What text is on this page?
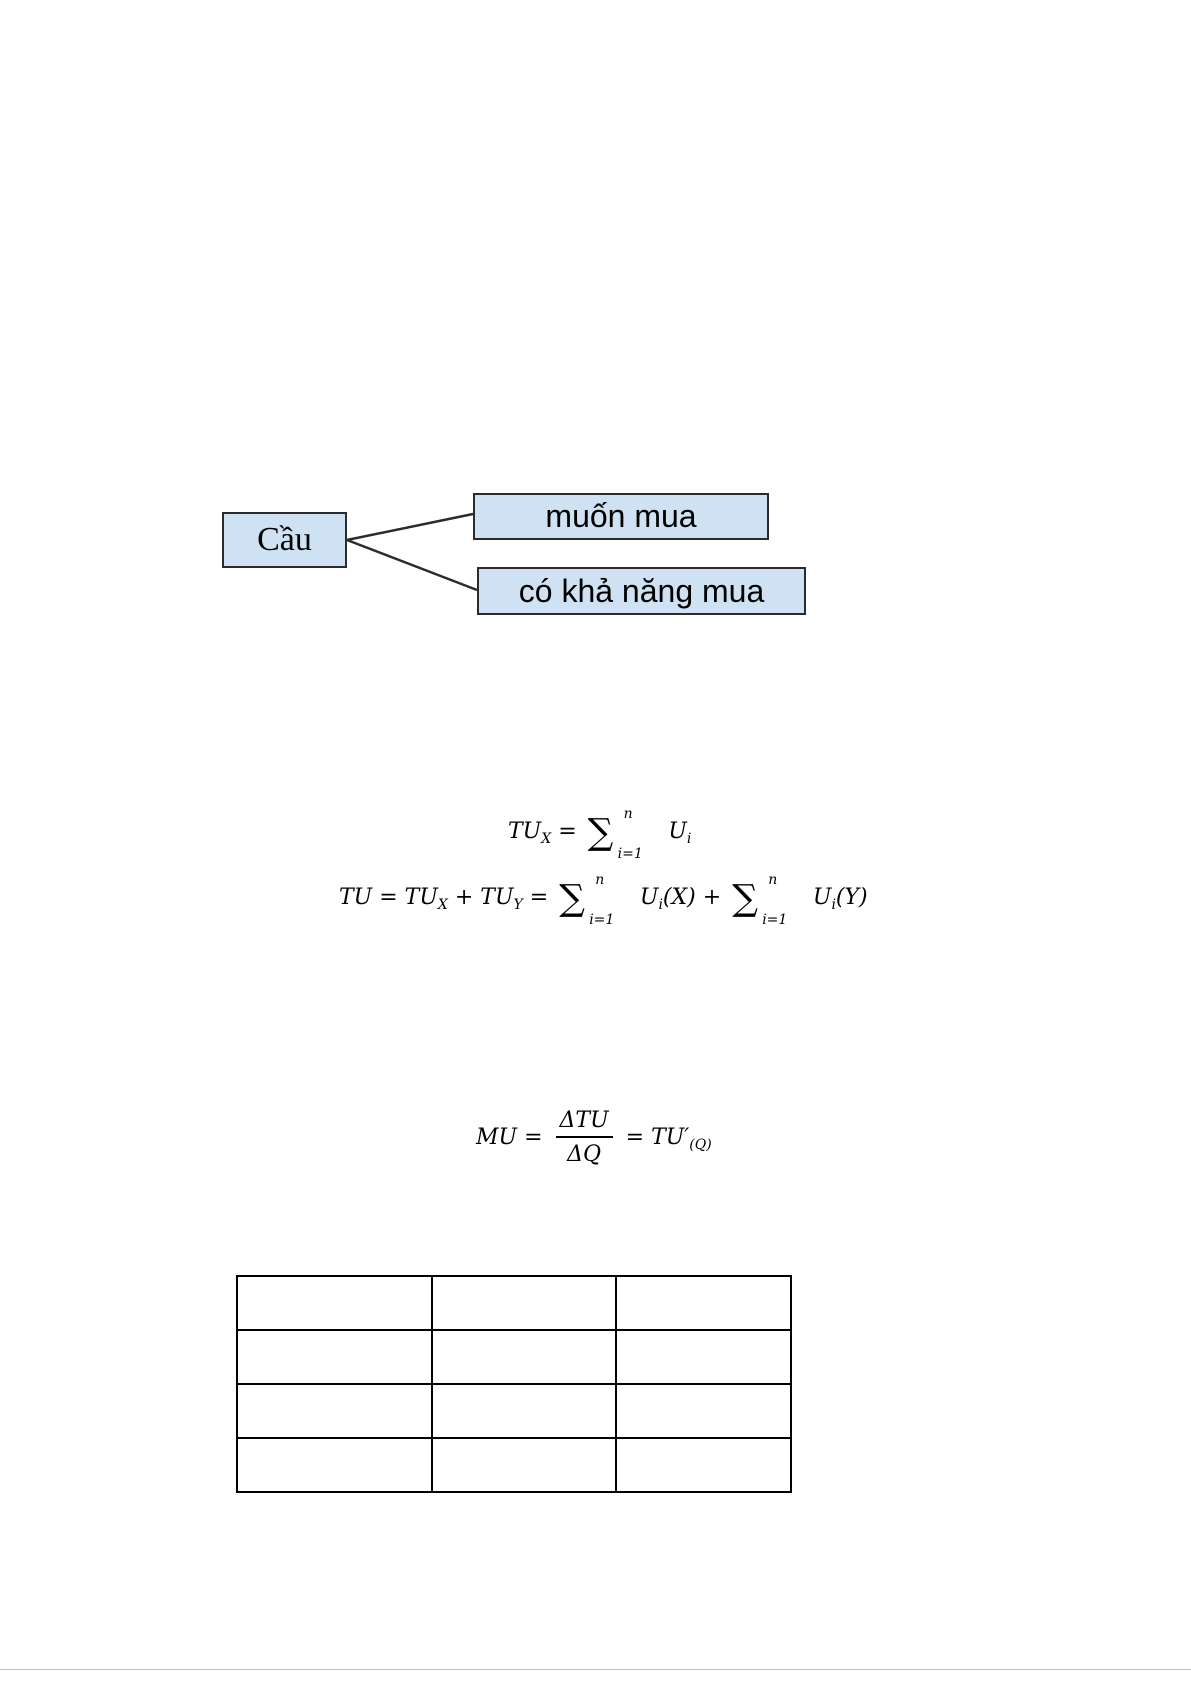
Cầu
muốn mua
có khả năng mua
$TU_X$ = ∑ n
i=1
$U_i$
TU = $TU_X + TU_Y$ = ∑ n
i=1
$U_i(X)$ + ∑ n
i=1
$U_i(Y)$
MU = $\frac{\text{ΔTU}}{\Delta Q} = TU'_{(Q)}$
